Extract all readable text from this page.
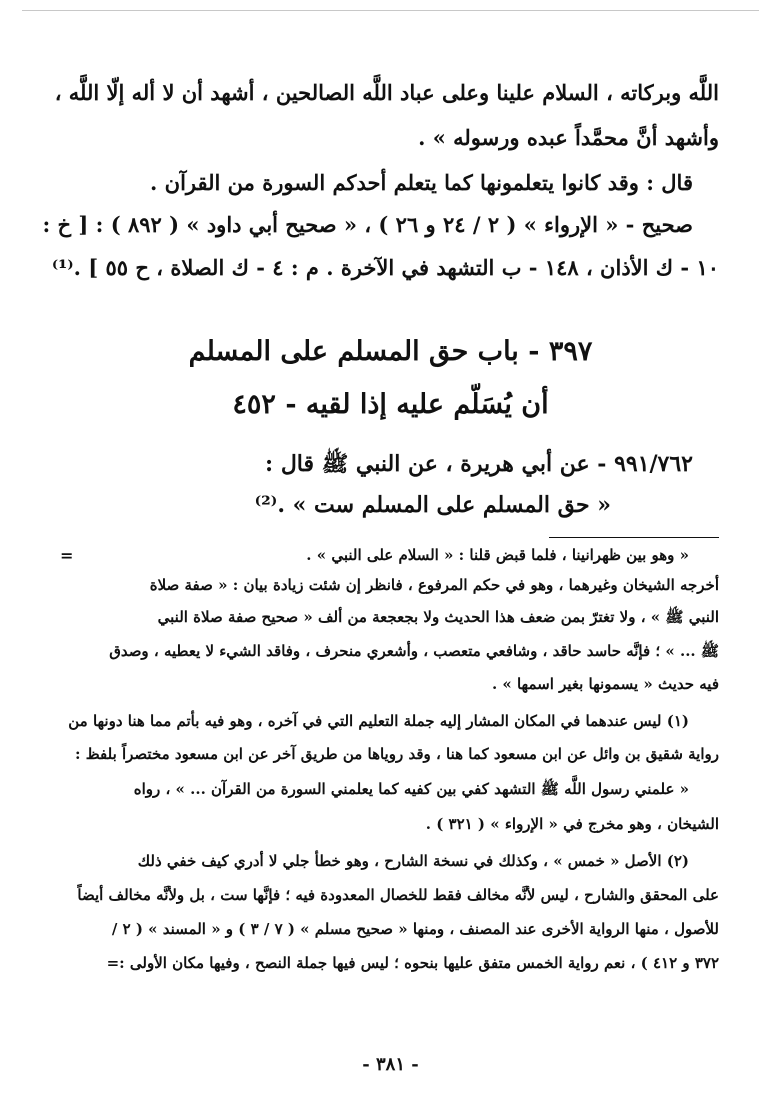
اللَّه وبركاته ، السلام علينا وعلى عباد اللَّه الصالحين ، أشهد أن لا أله إلّا اللَّه ،
وأشهد أنَّ محمَّداً عبده ورسوله » .
قال : وقد كانوا يتعلمونها كما يتعلم أحدكم السورة من القرآن .
صحيح - « الإرواء » ( ٢ / ٢٤ و ٢٦ ) ، « صحيح أبي داود » ( ٨٩٢ ) : [ خ :
١٠ - ك الأذان ، ١٤٨ - ب التشهد في الآخرة . م : ٤ - ك الصلاة ، ح ٥٥ ] .⁽¹⁾
٣٩٧ - باب حق المسلم على المسلم
أن يُسَلّم عليه إذا لقيه - ٤٥٢
٩٩١/٧٦٢ - عن أبي هريرة ، عن النبي ﷺ قال :
« حق المسلم على المسلم ست » .⁽²⁾
=	« وهو بين ظهرانينا ، فلما قبض قلنا : « السلام على النبي » .
أخرجه الشيخان وغيرهما ، وهو في حكم المرفوع ، فانظر إن شئت زيادة بيان : « صفة صلاة
النبي ﷺ » ، ولا تغترّ بمن ضعف هذا الحديث ولا بجعجعة من ألف « صحيح صفة صلاة النبي
ﷺ ... » ؛ فإنَّه حاسد حاقد ، وشافعي متعصب ، وأشعري منحرف ، وفاقد الشيء لا يعطيه ، وصدق
فيه حديث « يسمونها بغير اسمها » .
(١) ليس عندهما في المكان المشار إليه جملة التعليم التي في آخره ، وهو فيه بأتم مما هنا دونها من
رواية شقيق بن وائل عن ابن مسعود كما هنا ، وقد روياها من طريق آخر عن ابن مسعود مختصراً بلفظ :
« علمني رسول اللَّه ﷺ التشهد كفي بين كفيه كما يعلمني السورة من القرآن ... » ، رواه
الشيخان ، وهو مخرج في « الإرواء » ( ٣٢١ ) .
(٢) الأصل « خمس » ، وكذلك في نسخة الشارح ، وهو خطأ جلي لا أدري كيف خفي ذلك
على المحقق والشارح ، ليس لأنَّه مخالف فقط للخصال المعدودة فيه ؛ فإنَّها ست ، بل ولأنَّه مخالف أيضاً
للأصول ، منها الرواية الأخرى عند المصنف ، ومنها « صحيح مسلم » ( ٧ / ٣ ) و « المسند » ( ٢ /
٣٧٢ و ٤١٢ ) ، نعم رواية الخمس متفق عليها بنحوه ؛ ليس فيها جملة النصح ، وفيها مكان الأولى :=
- ٣٨١ -
